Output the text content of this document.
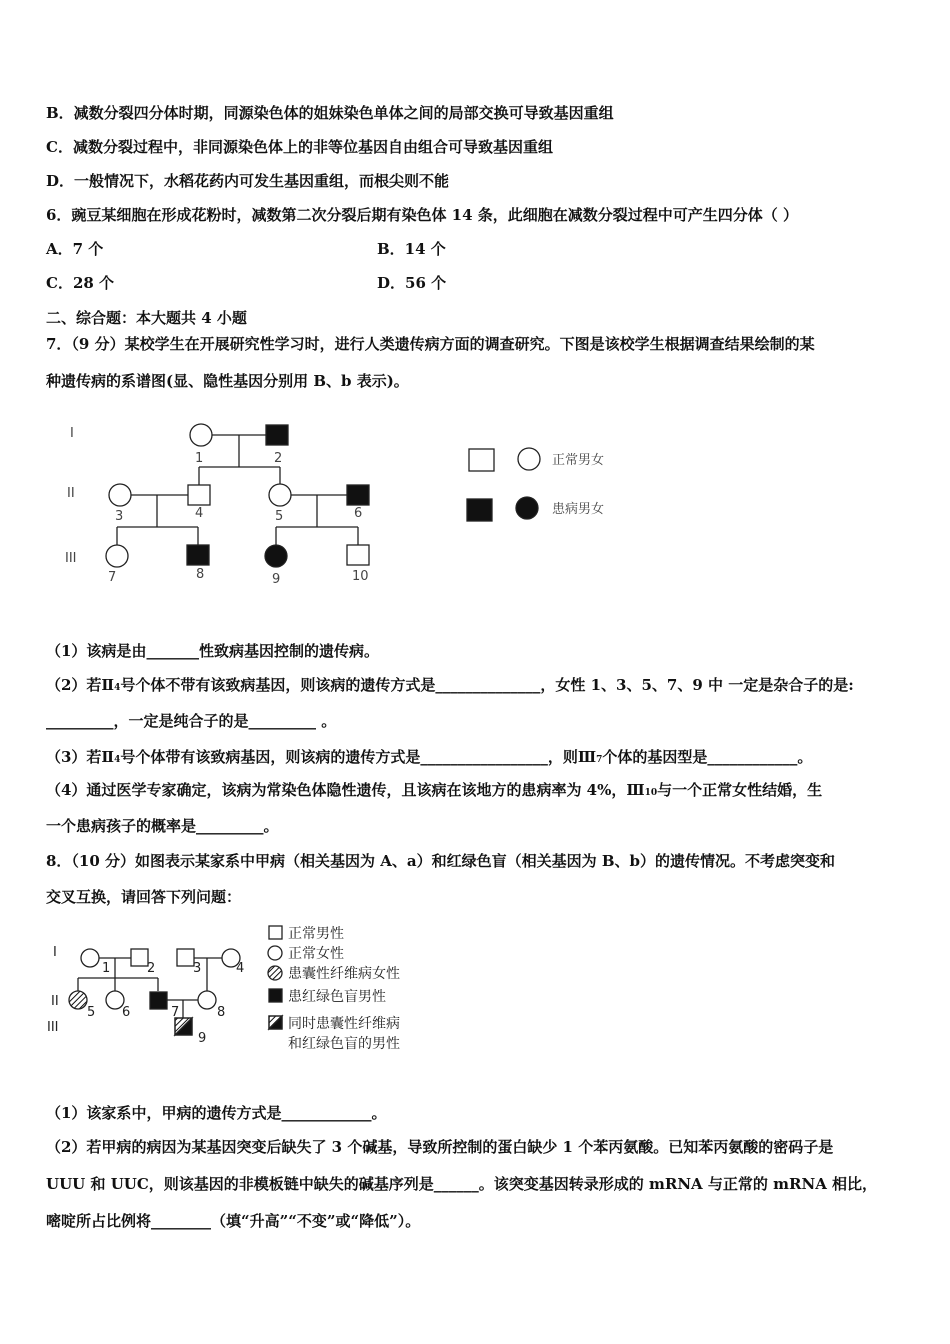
B．减数分裂四分体时期，同源染色体的姐妹染色单体之间的局部交换可导致基因重组
C．减数分裂过程中，非同源染色体上的非等位基因自由组合可导致基因重组
D．一般情况下，水稻花药内可发生基因重组，而根尖则不能
6．豌豆某细胞在形成花粉时，减数第二次分裂后期有染色体 14 条，此细胞在减数分裂过程中可产生四分体（ ）
A．7 个	B．14 个
C．28 个	D．56 个
二、综合题：本大题共 4 小题
7．（9 分）某校学生在开展研究性学习时，进行人类遗传病方面的调查研究。下图是该校学生根据调查结果绘制的某
种遗传病的系谱图(显、隐性基因分别用 B、b 表示)。
I
II
III
1	2
3	4	5	6
7	8	9	10
正常男女
患病男女
（1）该病是由_______性致病基因控制的遗传病。
（2）若Ⅱ4号个体不带有该致病基因，则该病的遗传方式是______________，女性 1、3、5、7、9 中 一定是杂合子的是:
_________，一定是纯合子的是_________ 。
（3）若Ⅱ4号个体带有该致病基因，则该病的遗传方式是_________________，则Ⅲ7个体的基因型是____________。
（4）通过医学专家确定，该病为常染色体隐性遗传，且该病在该地方的患病率为 4%，Ⅲ10与一个正常女性结婚，生
一个患病孩子的概率是_________。
8．（10 分）如图表示某家系中甲病（相关基因为 A、a）和红绿色盲（相关基因为 B、b）的遗传情况。不考虑突变和
交叉互换，请回答下列问题：
I
II
III
1	2	3	4
5 6	7	8
9
正常男性
正常女性
患囊性纤维病女性
患红绿色盲男性
同时患囊性纤维病
和红绿色盲的男性
（1）该家系中，甲病的遗传方式是____________。
（2）若甲病的病因为某基因突变后缺失了 3 个碱基，导致所控制的蛋白缺少 1 个苯丙氨酸。已知苯丙氨酸的密码子是
UUU 和 UUC，则该基因的非模板链中缺失的碱基序列是______。该突变基因转录形成的 mRNA 与正常的 mRNA 相比，
嘧啶所占比例将________（填“升高”“不变”或“降低”）。
